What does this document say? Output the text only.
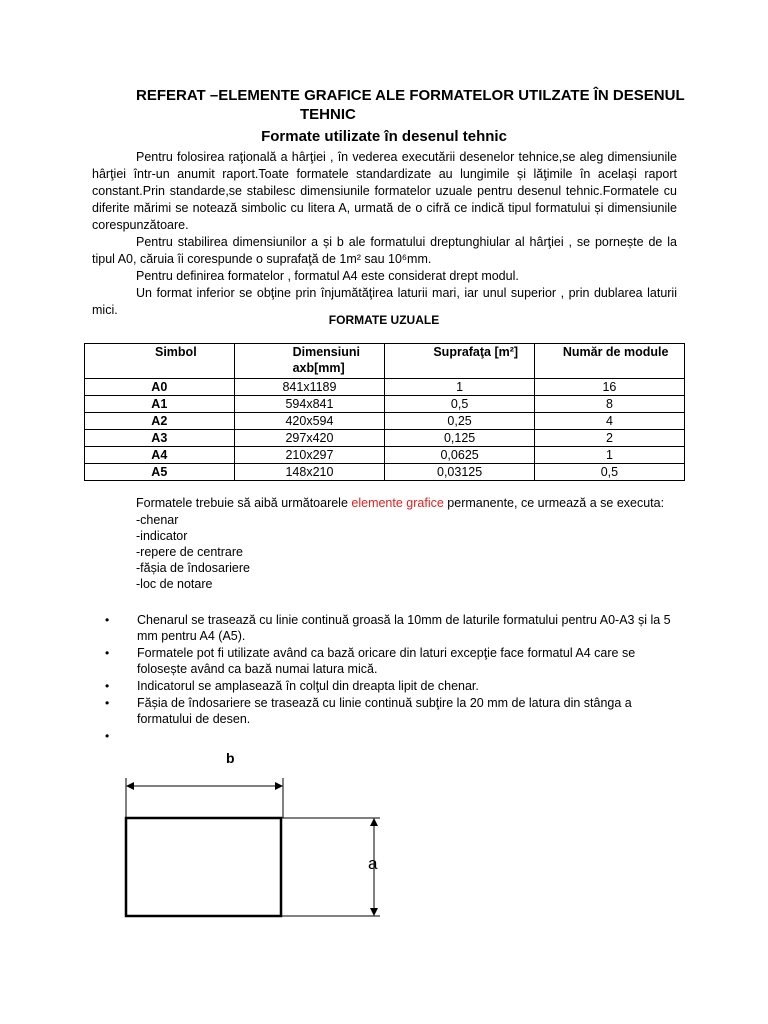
REFERAT –ELEMENTE GRAFICE ALE FORMATELOR UTILZATE ÎN DESENUL
TEHNIC
Formate utilizate în desenul tehnic

Pentru folosirea raţională a hârţiei , în vederea executării desenelor tehnice,se aleg dimensiunile hârţiei într-un anumit raport.Toate formatele standardizate au lungimile și lăţimile în același raport constant.Prin standarde,se stabilesc dimensiunile formatelor uzuale pentru desenul tehnic.Formatele cu diferite mărimi se notează simbolic cu litera A, urmată de o cifră ce indică tipul formatului și dimensiunile corespunzătoare.

Pentru stabilirea dimensiunilor a și b ale formatului dreptunghiular al hârţiei , se pornește de la tipul A0, căruia îi corespunde o suprafaţă de 1m² sau 10⁶mm.

Pentru definirea formatelor , formatul A4 este considerat drept modul.

Un format inferior se obţine prin înjumătăţirea laturii mari, iar unul superior , prin dublarea laturii mici.

FORMATE UZUALE
Simbol	Dimensiuni axb[mm]	Suprafaţa [m²]	Număr de module
A0	841x1189	1	16
A1	594x841	0,5	8
A2	420x594	0,25	4
A3	297x420	0,125	2
A4	210x297	0,0625	1
A5	148x210	0,03125	0,5

Formatele trebuie să aibă următoarele elemente grafice permanente, ce urmează a se executa:

-chenar

-indicator

-repere de centrare

-fășia de îndosariere

-loc de notare

• Chenarul se trasează cu linie continuă groasă la 10mm de laturile formatului pentru A0-A3 și la 5 mm pentru A4 (A5).
• Formatele pot fi utilizate având ca bază oricare din laturi excepţie face formatul A4 care se folosește având ca bază numai latura mică.
• Indicatorul se amplasează în colţul din dreapta lipit de chenar.
• Fășia de îndosariere se trasează cu linie continuă subţire la 20 mm de latura din stânga a formatului de desen.
•
b
a
